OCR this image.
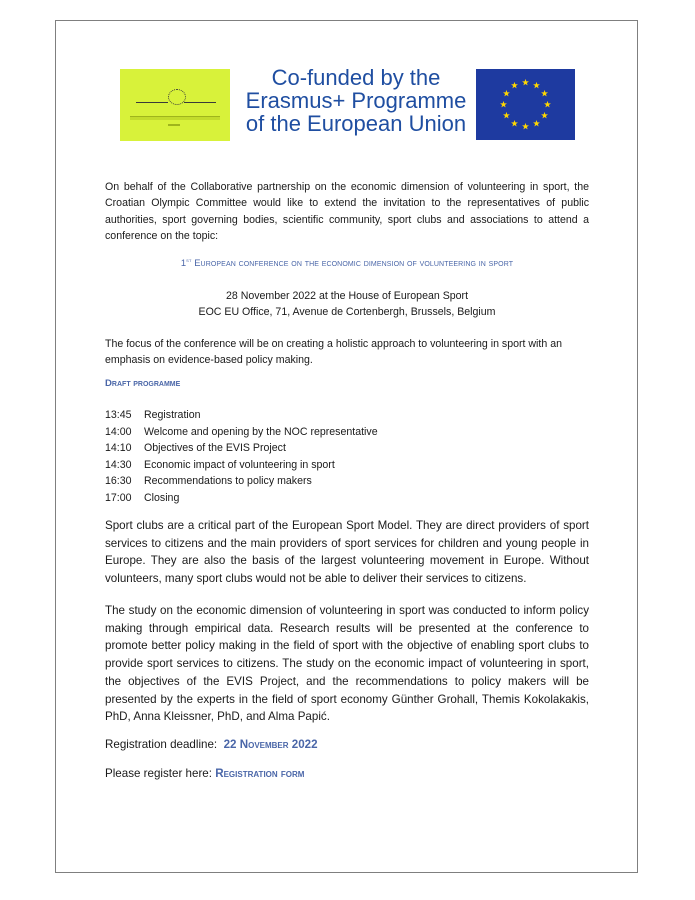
Co-funded by the
Erasmus+ Programme
of the European Union
On behalf of the Collaborative partnership on the economic dimension of volunteering in sport, the Croatian Olympic Committee would like to extend the invitation to the representatives of public authorities, sport governing bodies, scientific community, sport clubs and associations to attend a conference on the topic:
1st European conference on the economic dimension of volunteering in sport
28 November 2022 at the House of European Sport
EOC EU Office, 71, Avenue de Cortenbergh, Brussels, Belgium
The focus of the conference will be on creating a holistic approach to volunteering in sport with an emphasis on evidence-based policy making.
Draft programme
13:45	Registration
14:00	Welcome and opening by the NOC representative
14:10	Objectives of the EVIS Project
14:30	Economic impact of volunteering in sport
16:30	Recommendations to policy makers
17:00	Closing
Sport clubs are a critical part of the European Sport Model. They are direct providers of sport services to citizens and the main providers of sport services for children and young people in Europe. They are also the basis of the largest volunteering movement in Europe. Without volunteers, many sport clubs would not be able to deliver their services to citizens.
The study on the economic dimension of volunteering in sport was conducted to inform policy making through empirical data. Research results will be presented at the conference to promote better policy making in the field of sport with the objective of enabling sport clubs to provide sport services to citizens. The study on the economic impact of volunteering in sport, the objectives of the EVIS Project, and the recommendations to policy makers will be presented by the experts in the field of sport economy Günther Grohall, Themis Kokolakakis, PhD, Anna Kleissner, PhD, and Alma Papić.
Registration deadline: 22 November 2022
Please register here: Registration form
